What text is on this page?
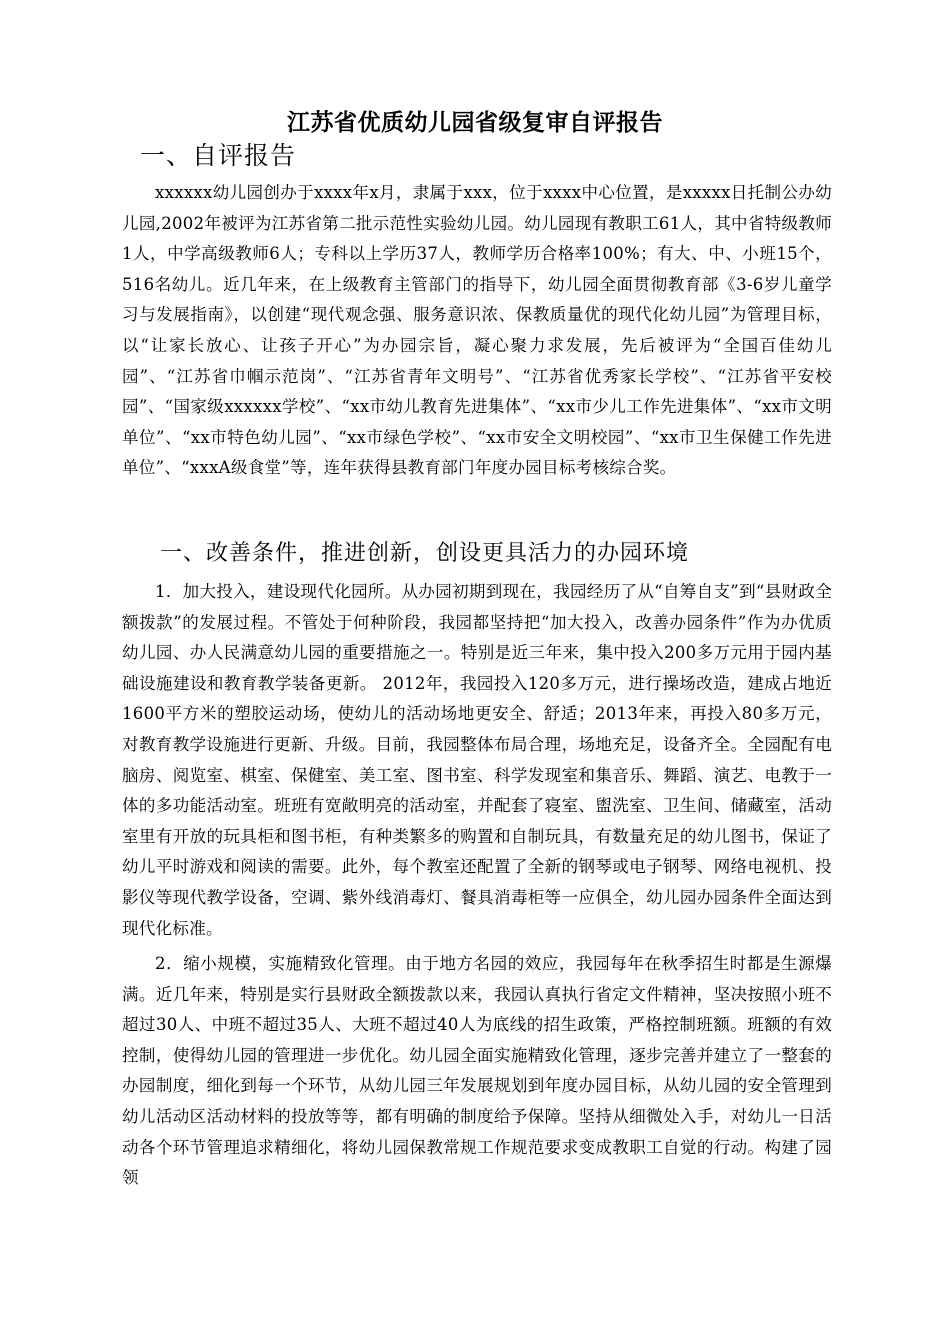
江苏省优质幼儿园省级复审自评报告
一、自评报告

xxxxxx幼儿园创办于xxxx年x月，隶属于xxx，位于xxxx中心位置，是xxxxx日托制公办幼儿园,2002年被评为江苏省第二批示范性实验幼儿园。幼儿园现有教职工61人，其中省特级教师1人，中学高级教师6人；专科以上学历37人，教师学历合格率100%；有大、中、小班15个，516名幼儿。近几年来，在上级教育主管部门的指导下，幼儿园全面贯彻教育部《3-6岁儿童学习与发展指南》，以创建“现代观念强、服务意识浓、保教质量优的现代化幼儿园”为管理目标，以“让家长放心、让孩子开心”为办园宗旨，凝心聚力求发展，先后被评为“全国百佳幼儿园”、“江苏省巾帼示范岗”、“江苏省青年文明号”、“江苏省优秀家长学校”、“江苏省平安校园”、“国家级xxxxxx学校”、“xx市幼儿教育先进集体”、“xx市少儿工作先进集体”、“xx市文明单位”、“xx市特色幼儿园”、“xx市绿色学校”、“xx市安全文明校园”、“xx市卫生保健工作先进单位”、“xxxA级食堂”等，连年获得县教育部门年度办园目标考核综合奖。

一、改善条件，推进创新，创设更具活力的办园环境

1．加大投入，建设现代化园所。从办园初期到现在，我园经历了从“自筹自支”到“县财政全额拨款”的发展过程。不管处于何种阶段，我园都坚持把“加大投入，改善办园条件”作为办优质幼儿园、办人民满意幼儿园的重要措施之一。特别是近三年来，集中投入200多万元用于园内基础设施建设和教育教学装备更新。 2012年，我园投入120多万元，进行操场改造，建成占地近 1600平方米的塑胶运动场，使幼儿的活动场地更安全、舒适；2013年来，再投入80多万元，对教育教学设施进行更新、升级。目前，我园整体布局合理，场地充足，设备齐全。全园配有电脑房、阅览室、棋室、保健室、美工室、图书室、科学发现室和集音乐、舞蹈、演艺、电教于一体的多功能活动室。班班有宽敞明亮的活动室，并配套了寝室、盥洗室、卫生间、储藏室，活动室里有开放的玩具柜和图书柜，有种类繁多的购置和自制玩具，有数量充足的幼儿图书，保证了幼儿平时游戏和阅读的需要。此外，每个教室还配置了全新的钢琴或电子钢琴、网络电视机、投影仪等现代教学设备，空调、紫外线消毒灯、餐具消毒柜等一应俱全，幼儿园办园条件全面达到现代化标准。

2．缩小规模，实施精致化管理。由于地方名园的效应，我园每年在秋季招生时都是生源爆满。近几年来，特别是实行县财政全额拨款以来，我园认真执行省定文件精神，坚决按照小班不超过30人、中班不超过35人、大班不超过40人为底线的招生政策，严格控制班额。班额的有效控制，使得幼儿园的管理进一步优化。幼儿园全面实施精致化管理，逐步完善并建立了一整套的办园制度，细化到每一个环节，从幼儿园三年发展规划到年度办园目标，从幼儿园的安全管理到幼儿活动区活动材料的投放等等，都有明确的制度给予保障。坚持从细微处入手，对幼儿一日活动各个环节管理追求精细化，将幼儿园保教常规工作规范要求变成教职工自觉的行动。构建了园领
